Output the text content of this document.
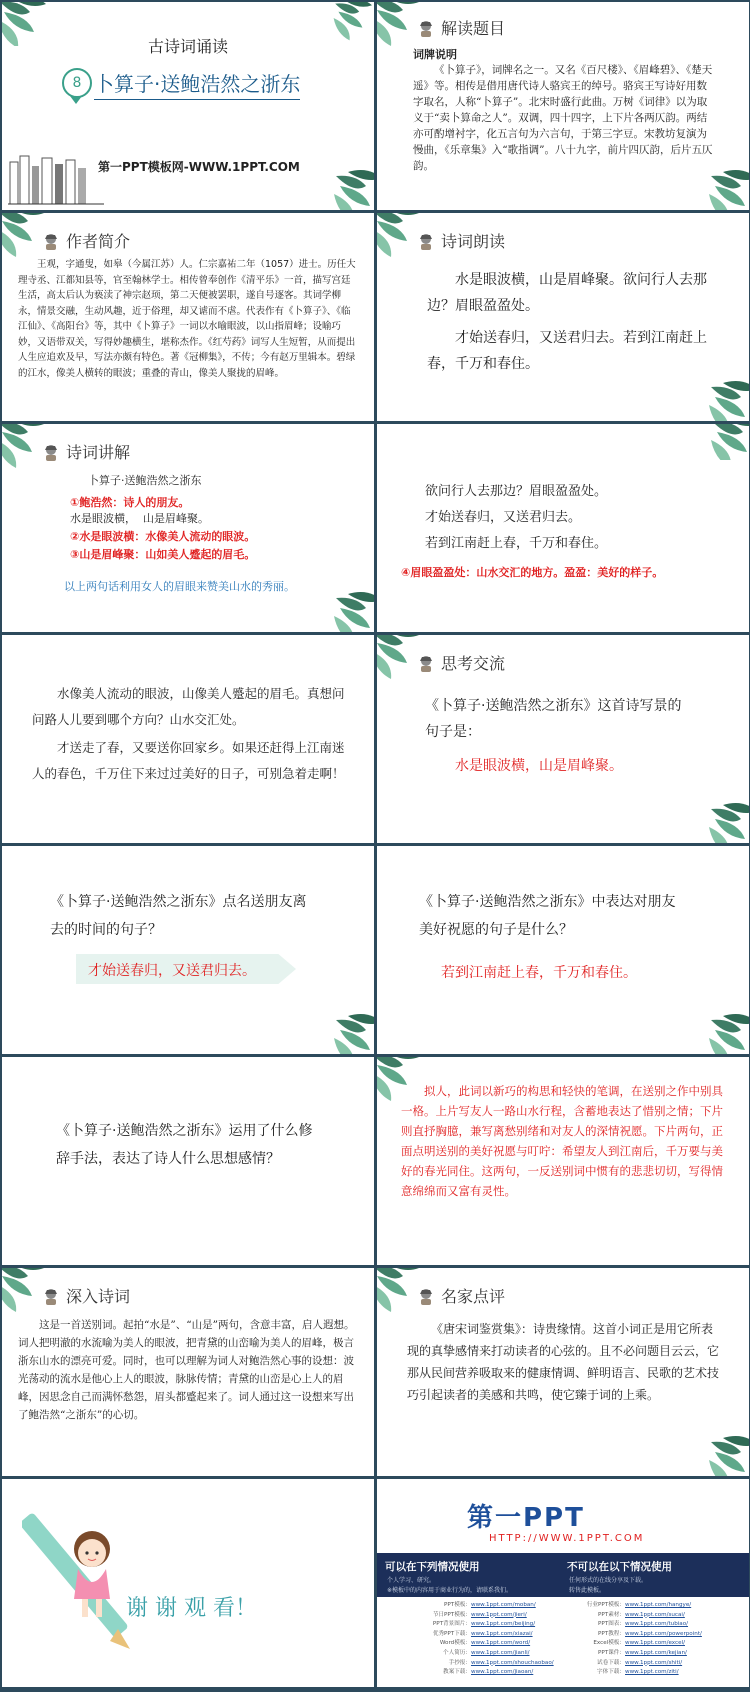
古诗词诵读
8 卜算子·送鲍浩然之浙东
第一PPT模板网-WWW.1PPT.COM
解读题目
词牌说明
《卜算子》，词牌名之一。又名《百尺楼》、《眉峰碧》、《楚天遥》等。相传是借用唐代诗人骆宾王的绰号。骆宾王写诗好用数字取名，人称“卜算子”。北宋时盛行此曲。万树《词律》以为取义于“卖卜算命之人”。双调，四十四字，上下片各两仄韵。两结亦可酌增衬字，化五言句为六言句，于第三字豆。宋教坊复演为慢曲，《乐章集》入“歌指调”。八十九字，前片四仄韵，后片五仄韵。
作者简介
王观，字通叟，如皋（今属江苏）人。仁宗嘉祐二年（1057）进士。历任大理寺丞、江都知县等，官至翰林学士。相传曾奉创作《清平乐》一首，描写宫廷生活，高太后认为亵渎了神宗赵顼，第二天便被罢职，遂自号逐客。其词学柳永，情景交融，生动风趣，近于俗理，却又谑而不虐。代表作有《卜算子》、《临江仙》、《高阳台》等，其中《卜算子》一词以水喻眼波，以山指眉峰；设喻巧妙，又语带双关，写得妙趣横生，堪称杰作。《红芍药》词写人生短暂，从而提出人生应追欢及早，写法亦颇有特色。著《冠柳集》，不传；今有赵万里辑本。碧绿的江水，像美人横转的眼波；重叠的青山，像美人聚拢的眉峰。
诗词朗读
水是眼波横，山是眉峰聚。欲问行人去那边？眉眼盈盈处。
才始送春归，又送君归去。若到江南赶上春，千万和春住。
诗词讲解
卜算子·送鲍浩然之浙东
①鲍浩然：诗人的朋友。
水是眼波横，  山是眉峰聚。
②水是眼波横：水像美人流动的眼波。
③山是眉峰聚：山如美人蹙起的眉毛。
以上两句话利用女人的眉眼来赞美山水的秀丽。
欲问行人去那边？眉眼盈盈处。
才始送春归，又送君归去。
若到江南赶上春，千万和春住。
④眉眼盈盈处：山水交汇的地方。盈盈：美好的样子。
水像美人流动的眼波，山像美人蹙起的眉毛。真想问问路人儿要到哪个方向？山水交汇处。
才送走了春，又要送你回家乡。如果还赶得上江南迷人的春色，千万住下来过过美好的日子，可别急着走啊！
思考交流
《卜算子·送鲍浩然之浙东》这首诗写景的句子是：
水是眼波横，山是眉峰聚。
《卜算子·送鲍浩然之浙东》点名送朋友离去的时间的句子？
才始送春归，又送君归去。
《卜算子·送鲍浩然之浙东》中表达对朋友美好祝愿的句子是什么？
若到江南赶上春，千万和春住。
《卜算子·送鲍浩然之浙东》运用了什么修辞手法，表达了诗人什么思想感情？
拟人，此词以新巧的构思和轻快的笔调，在送别之作中别具一格。上片写友人一路山水行程，含蓄地表达了惜别之情；下片则直抒胸臆，兼写离愁别绪和对友人的深情祝愿。下片两句，正面点明送别的美好祝愿与叮咛：希望友人到江南后，千万要与美好的春光同住。这两句，一反送别词中惯有的悲悲切切，写得情意绵绵而又富有灵性。
深入诗词
这是一首送别词。起拍“水是”、“山是”两句，含意丰富，启人遐想。词人把明澈的水流喻为美人的眼波，把青黛的山峦喻为美人的眉峰，极言浙东山水的漂亮可爱。同时，也可以理解为词人对鲍浩然心事的设想：波光荡动的流水是他心上人的眼波，脉脉传情；青黛的山峦是心上人的眉峰，因思念自己而满怀愁怨，眉头都蹙起来了。词人通过这一设想来写出了鲍浩然“之浙东”的心切。
名家点评
《唐宋词鉴赏集》：诗贵缘情。这首小词正是用它所表现的真挚感情来打动读者的心弦的。且不必问题目云云，它那从民间营养吸取来的健康情调、鲜明语言、民歌的艺术技巧引起读者的美感和共鸣，使它臻于词的上乘。
谢 谢 观 看！
第一PPT
HTTP://WWW.1PPT.COM
可以在下列情况使用	不可以在以下情况使用
个人学习、研究。
※模板中的内容用于商业行为的，请联系我们。
任何形式的在线分享及下载。
转售此模板。
PPT模板：www.1ppt.com/moban/
节日PPT模板：www.1ppt.com/jieri/
PPT背景图片：www.1ppt.com/beijing/
优秀PPT下载：www.1ppt.com/xiazai/
Word模板：www.1ppt.com/word/
个人简历：www.1ppt.com/jianli/
手抄报：www.1ppt.com/shouchaobao/
教案下载：www.1ppt.com/jiaoan/
行业PPT模板：www.1ppt.com/hangye/
PPT素材：www.1ppt.com/sucai/
PPT图表：www.1ppt.com/tubiao/
PPT教程：www.1ppt.com/powerpoint/
Excel模板：www.1ppt.com/excel/
PPT课件：www.1ppt.com/kejian/
试卷下载：www.1ppt.com/shiti/
字体下载：www.1ppt.com/ziti/
